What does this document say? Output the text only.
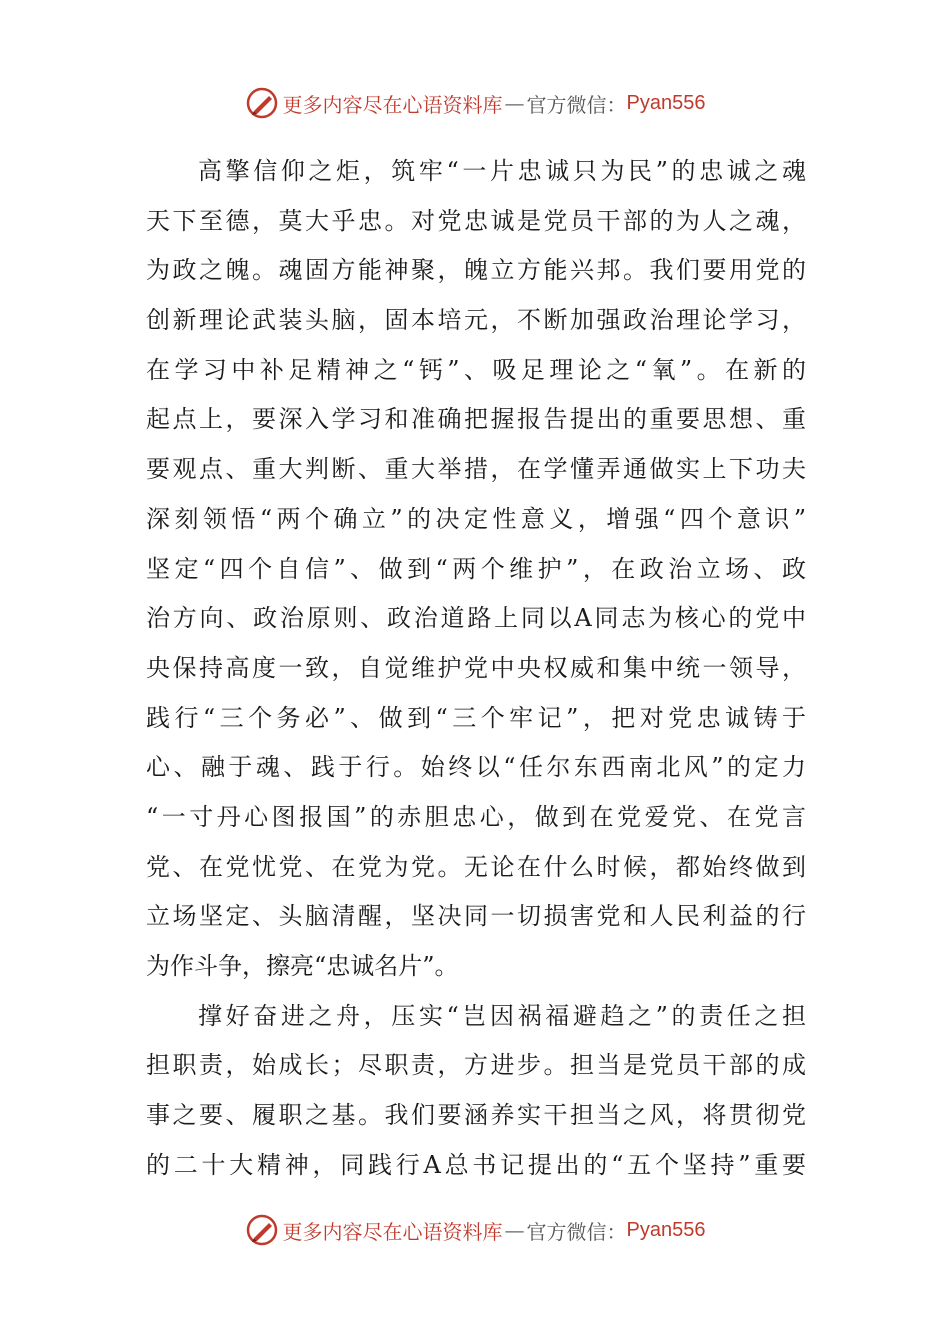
更多内容尽在心语资料库 — 官方微信： Pyan556
高擎信仰之炬，筑牢“一片忠诚只为民”的忠诚之魂
天下至德，莫大乎忠。对党忠诚是党员干部的为人之魂，
为政之魄。魂固方能神聚，魄立方能兴邦。我们要用党的
创新理论武装头脑，固本培元，不断加强政治理论学习，
在学习中补足精神之“钙”、吸足理论之“氧”。在新的
起点上，要深入学习和准确把握报告提出的重要思想、重
要观点、重大判断、重大举措，在学懂弄通做实上下功夫
深刻领悟“两个确立”的决定性意义，增强“四个意识”
坚定“四个自信”、做到“两个维护”，在政治立场、政
治方向、政治原则、政治道路上同以A同志为核心的党中
央保持高度一致，自觉维护党中央权威和集中统一领导，
践行“三个务必”、做到“三个牢记”，把对党忠诚铸于
心、融于魂、践于行。始终以“任尔东西南北风”的定力
“一寸丹心图报国”的赤胆忠心，做到在党爱党、在党言
党、在党忧党、在党为党。无论在什么时候，都始终做到
立场坚定、头脑清醒，坚决同一切损害党和人民利益的行
为作斗争，擦亮“忠诚名片”。
撑好奋进之舟，压实“岂因祸福避趋之”的责任之担
担职责，始成长；尽职责，方进步。担当是党员干部的成
事之要、履职之基。我们要涵养实干担当之风，将贯彻党
的二十大精神，同践行A总书记提出的“五个坚持”重要
更多内容尽在心语资料库 — 官方微信： Pyan556
